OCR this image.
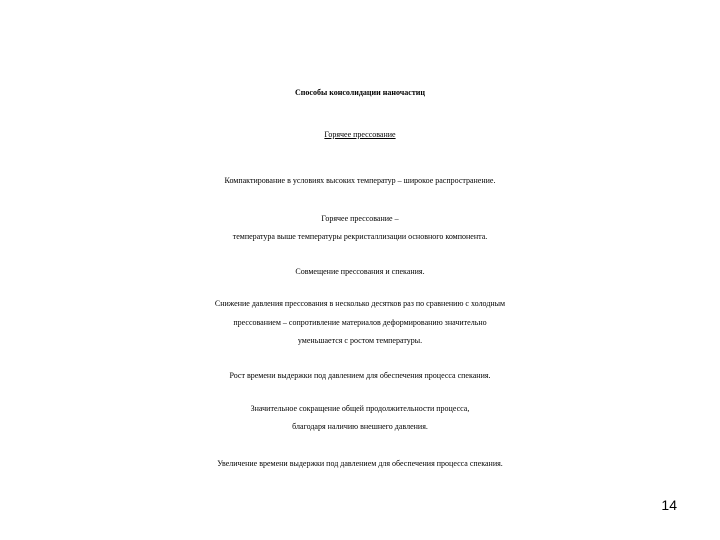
Способы консолидации наночастиц
Горячее прессование
Компактирование в условиях высоких температур – широкое распространение.
Горячее прессование –
температура выше температуры рекристаллизации основного компонента.
Совмещение прессования и спекания.
Снижение давления прессования в несколько десятков раз по сравнению с холодным
прессованием – сопротивление материалов деформированию значительно
уменьшается с ростом температуры.
Рост времени выдержки под давлением для обеспечения процесса спекания.
Значительное сокращение общей продолжительности процесса,
благодаря наличию внешнего давления.
Увеличение времени выдержки под давлением для обеспечения процесса спекания.
14
